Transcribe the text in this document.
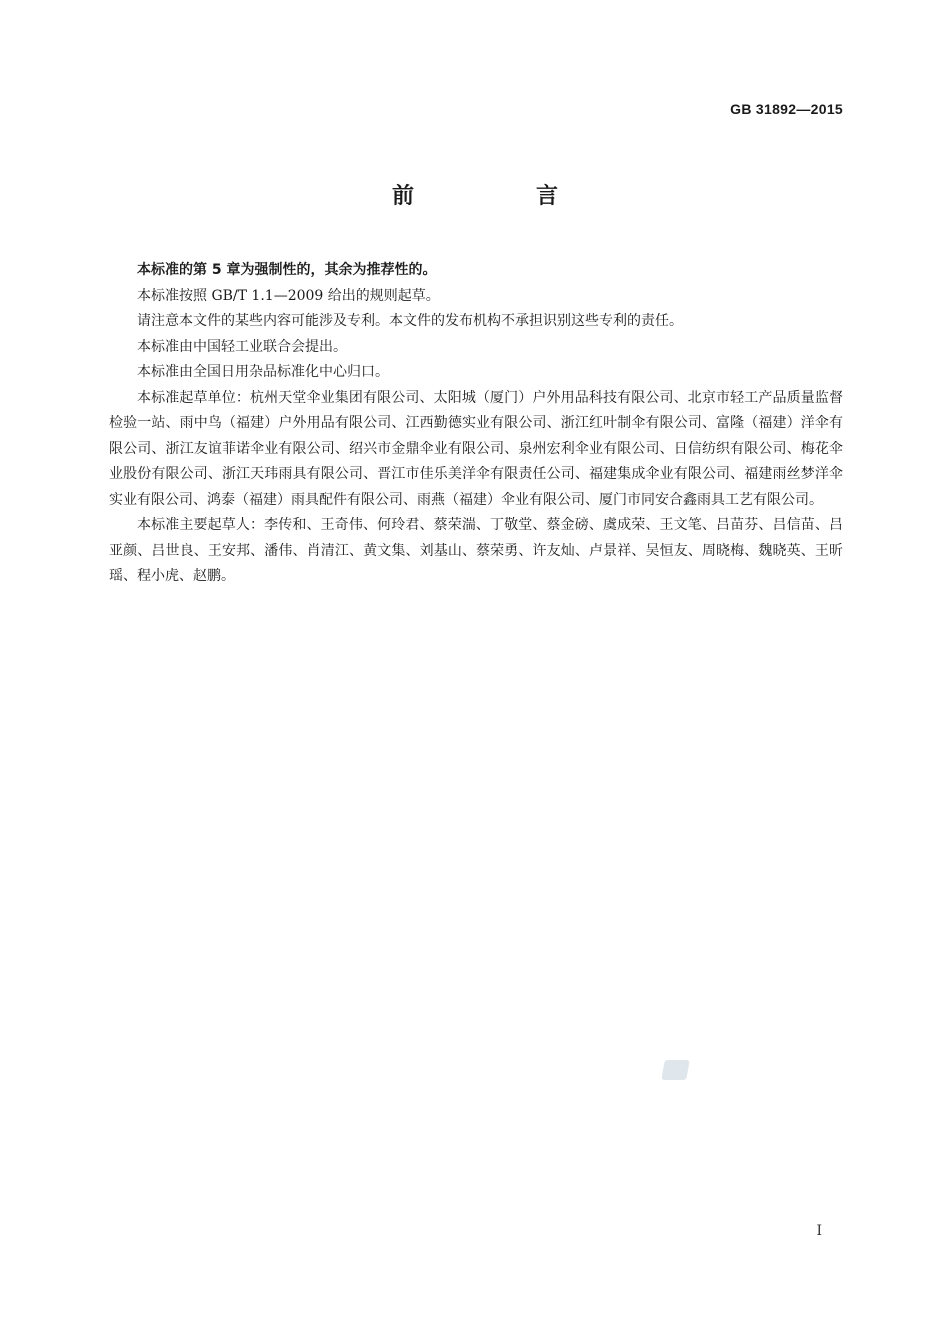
GB 31892—2015
前　言

本标准的第 5 章为强制性的，其余为推荐性的。

本标准按照 GB/T 1.1—2009 给出的规则起草。

请注意本文件的某些内容可能涉及专利。本文件的发布机构不承担识别这些专利的责任。

本标准由中国轻工业联合会提出。

本标准由全国日用杂品标准化中心归口。

本标准起草单位：杭州天堂伞业集团有限公司、太阳城（厦门）户外用品科技有限公司、北京市轻工产品质量监督检验一站、雨中鸟（福建）户外用品有限公司、江西勤德实业有限公司、浙江红叶制伞有限公司、富隆（福建）洋伞有限公司、浙江友谊菲诺伞业有限公司、绍兴市金鼎伞业有限公司、泉州宏利伞业有限公司、日信纺织有限公司、梅花伞业股份有限公司、浙江天玮雨具有限公司、晋江市佳乐美洋伞有限责任公司、福建集成伞业有限公司、福建雨丝梦洋伞实业有限公司、鸿泰（福建）雨具配件有限公司、雨燕（福建）伞业有限公司、厦门市同安合鑫雨具工艺有限公司。

本标准主要起草人：李传和、王奇伟、何玲君、蔡荣湍、丁敬堂、蔡金磅、虞成荣、王文笔、吕苗芬、吕信苗、吕亚颜、吕世良、王安邦、潘伟、肖清江、黄文集、刘基山、蔡荣勇、许友灿、卢景祥、吴恒友、周晓梅、魏晓英、王昕瑶、程小虎、赵鹏。

I
